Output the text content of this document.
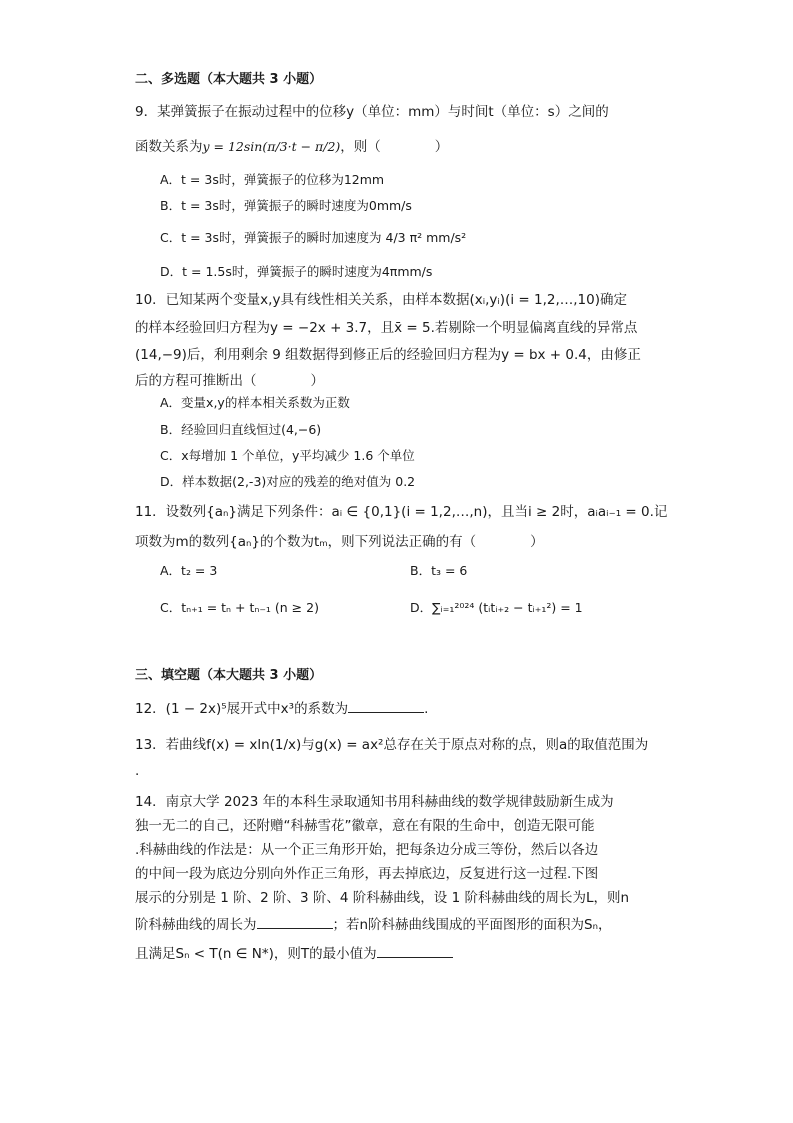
二、多选题（本大题共 3 小题）
9．某弹簧振子在振动过程中的位移y（单位：mm）与时间t（单位：s）之间的
函数关系为y = 12sin(π/3·t − π/2)，则（　　　　）
A．t = 3s时，弹簧振子的位移为12mm
B．t = 3s时，弹簧振子的瞬时速度为0mm/s
C．t = 3s时，弹簧振子的瞬时加速度为 4/3 π² mm/s²
D．t = 1.5s时，弹簧振子的瞬时速度为4πmm/s
10．已知某两个变量x,y具有线性相关关系，由样本数据(xᵢ,yᵢ)(i = 1,2,…,10)确定
的样本经验回归方程为y = −2x + 3.7，且x̄ = 5.若剔除一个明显偏离直线的异常点
(14,−9)后，利用剩余 9 组数据得到修正后的经验回归方程为y = bx + 0.4，由修正
后的方程可推断出（　　　　）
A．变量x,y的样本相关系数为正数
B．经验回归直线恒过(4,−6)
C．x每增加 1 个单位，y平均减少 1.6 个单位
D．样本数据(2,-3)对应的残差的绝对值为 0.2
11．设数列{aₙ}满足下列条件：aᵢ ∈ {0,1}(i = 1,2,…,n)，且当i ≥ 2时，aᵢaᵢ₋₁ = 0.记
项数为m的数列{aₙ}的个数为tₘ，则下列说法正确的有（　　　　）
A．t₂ = 3	B．t₃ = 6
C．tₙ₊₁ = tₙ + tₙ₋₁ (n ≥ 2)	D．∑ᵢ₌₁²⁰²⁴ (tᵢtᵢ₊₂ − tᵢ₊₁²) = 1
三、填空题（本大题共 3 小题）
12．(1 − 2x)⁵展开式中x³的系数为	.
13．若曲线f(x) = xln(1/x)与g(x) = ax²总存在关于原点对称的点，则a的取值范围为
.
14．南京大学 2023 年的本科生录取通知书用科赫曲线的数学规律鼓励新生成为
独一无二的自己，还附赠“科赫雪花”徽章，意在有限的生命中，创造无限可能
.科赫曲线的作法是：从一个正三角形开始，把每条边分成三等份，然后以各边
的中间一段为底边分别向外作正三角形，再去掉底边，反复进行这一过程.下图
展示的分别是 1 阶、2 阶、3 阶、4 阶科赫曲线，设 1 阶科赫曲线的周长为L，则n
阶科赫曲线的周长为	；若n阶科赫曲线围成的平面图形的面积为Sₙ，
且满足Sₙ < T(n ∈ N*)，则T的最小值为
